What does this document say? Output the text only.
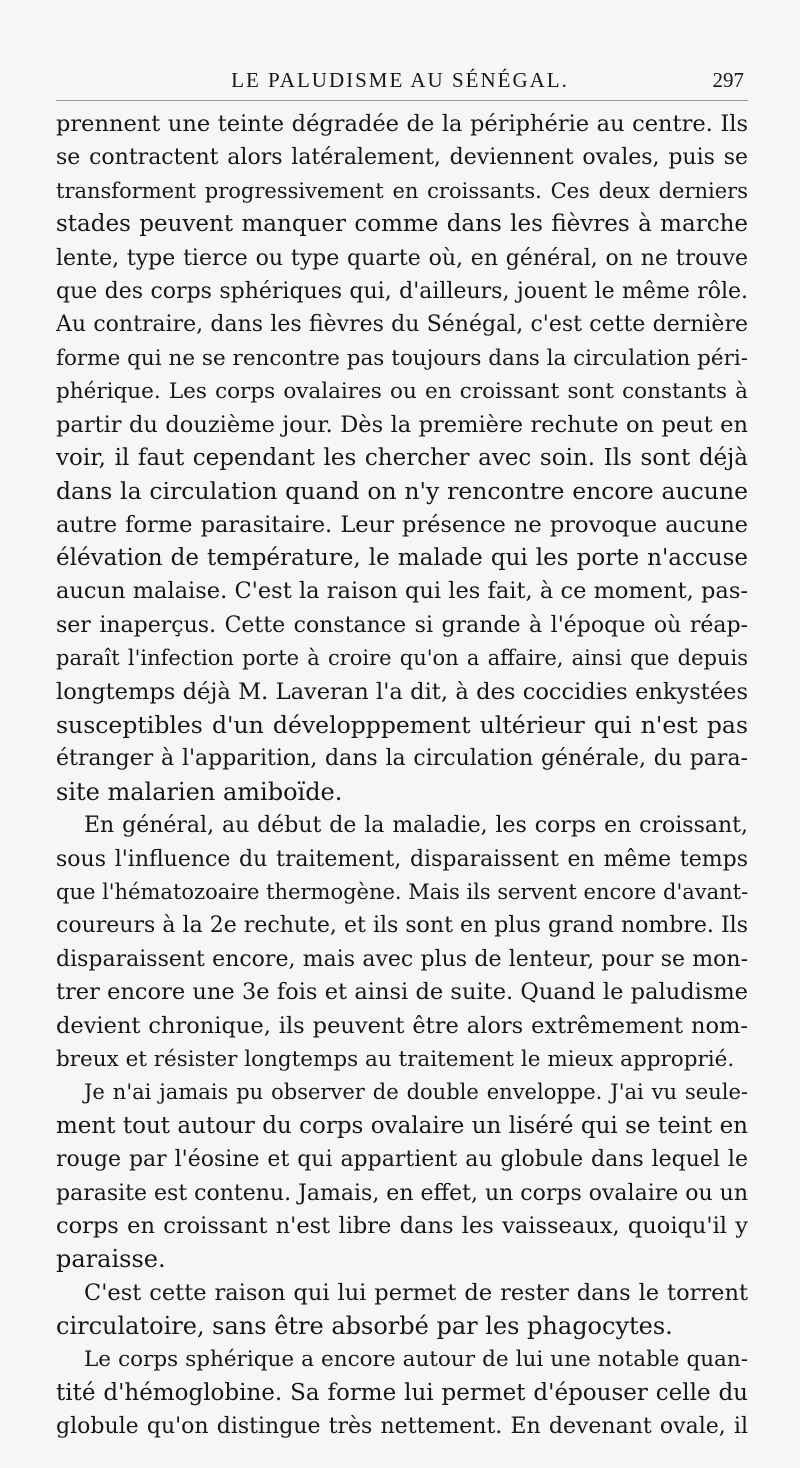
LE PALUDISME AU SÉNÉGAL.	297
prennent une teinte dégradée de la périphérie au centre. Ils
se contractent alors latéralement, deviennent ovales, puis se
transforment progressivement en croissants. Ces deux derniers
stades peuvent manquer comme dans les fièvres à marche
lente, type tierce ou type quarte où, en général, on ne trouve
que des corps sphériques qui, d'ailleurs, jouent le même rôle.
Au contraire, dans les fièvres du Sénégal, c'est cette dernière
forme qui ne se rencontre pas toujours dans la circulation péri-
phérique. Les corps ovalaires ou en croissant sont constants à
partir du douzième jour. Dès la première rechute on peut en
voir, il faut cependant les chercher avec soin. Ils sont déjà
dans la circulation quand on n'y rencontre encore aucune
autre forme parasitaire. Leur présence ne provoque aucune
élévation de température, le malade qui les porte n'accuse
aucun malaise. C'est la raison qui les fait, à ce moment, pas-
ser inaperçus. Cette constance si grande à l'époque où réap-
paraît l'infection porte à croire qu'on a affaire, ainsi que depuis
longtemps déjà M. Laveran l'a dit, à des coccidies enkystées
susceptibles d'un développpement ultérieur qui n'est pas
étranger à l'apparition, dans la circulation générale, du para-
site malarien amiboïde.
En général, au début de la maladie, les corps en croissant,
sous l'influence du traitement, disparaissent en même temps
que l'hématozoaire thermogène. Mais ils servent encore d'avant-
coureurs à la 2e rechute, et ils sont en plus grand nombre. Ils
disparaissent encore, mais avec plus de lenteur, pour se mon-
trer encore une 3e fois et ainsi de suite. Quand le paludisme
devient chronique, ils peuvent être alors extrêmement nom-
breux et résister longtemps au traitement le mieux approprié.
Je n'ai jamais pu observer de double enveloppe. J'ai vu seule-
ment tout autour du corps ovalaire un liséré qui se teint en
rouge par l'éosine et qui appartient au globule dans lequel le
parasite est contenu. Jamais, en effet, un corps ovalaire ou un
corps en croissant n'est libre dans les vaisseaux, quoiqu'il y
paraisse.
C'est cette raison qui lui permet de rester dans le torrent
circulatoire, sans être absorbé par les phagocytes.
Le corps sphérique a encore autour de lui une notable quan-
tité d'hémoglobine. Sa forme lui permet d'épouser celle du
globule qu'on distingue très nettement. En devenant ovale, il
